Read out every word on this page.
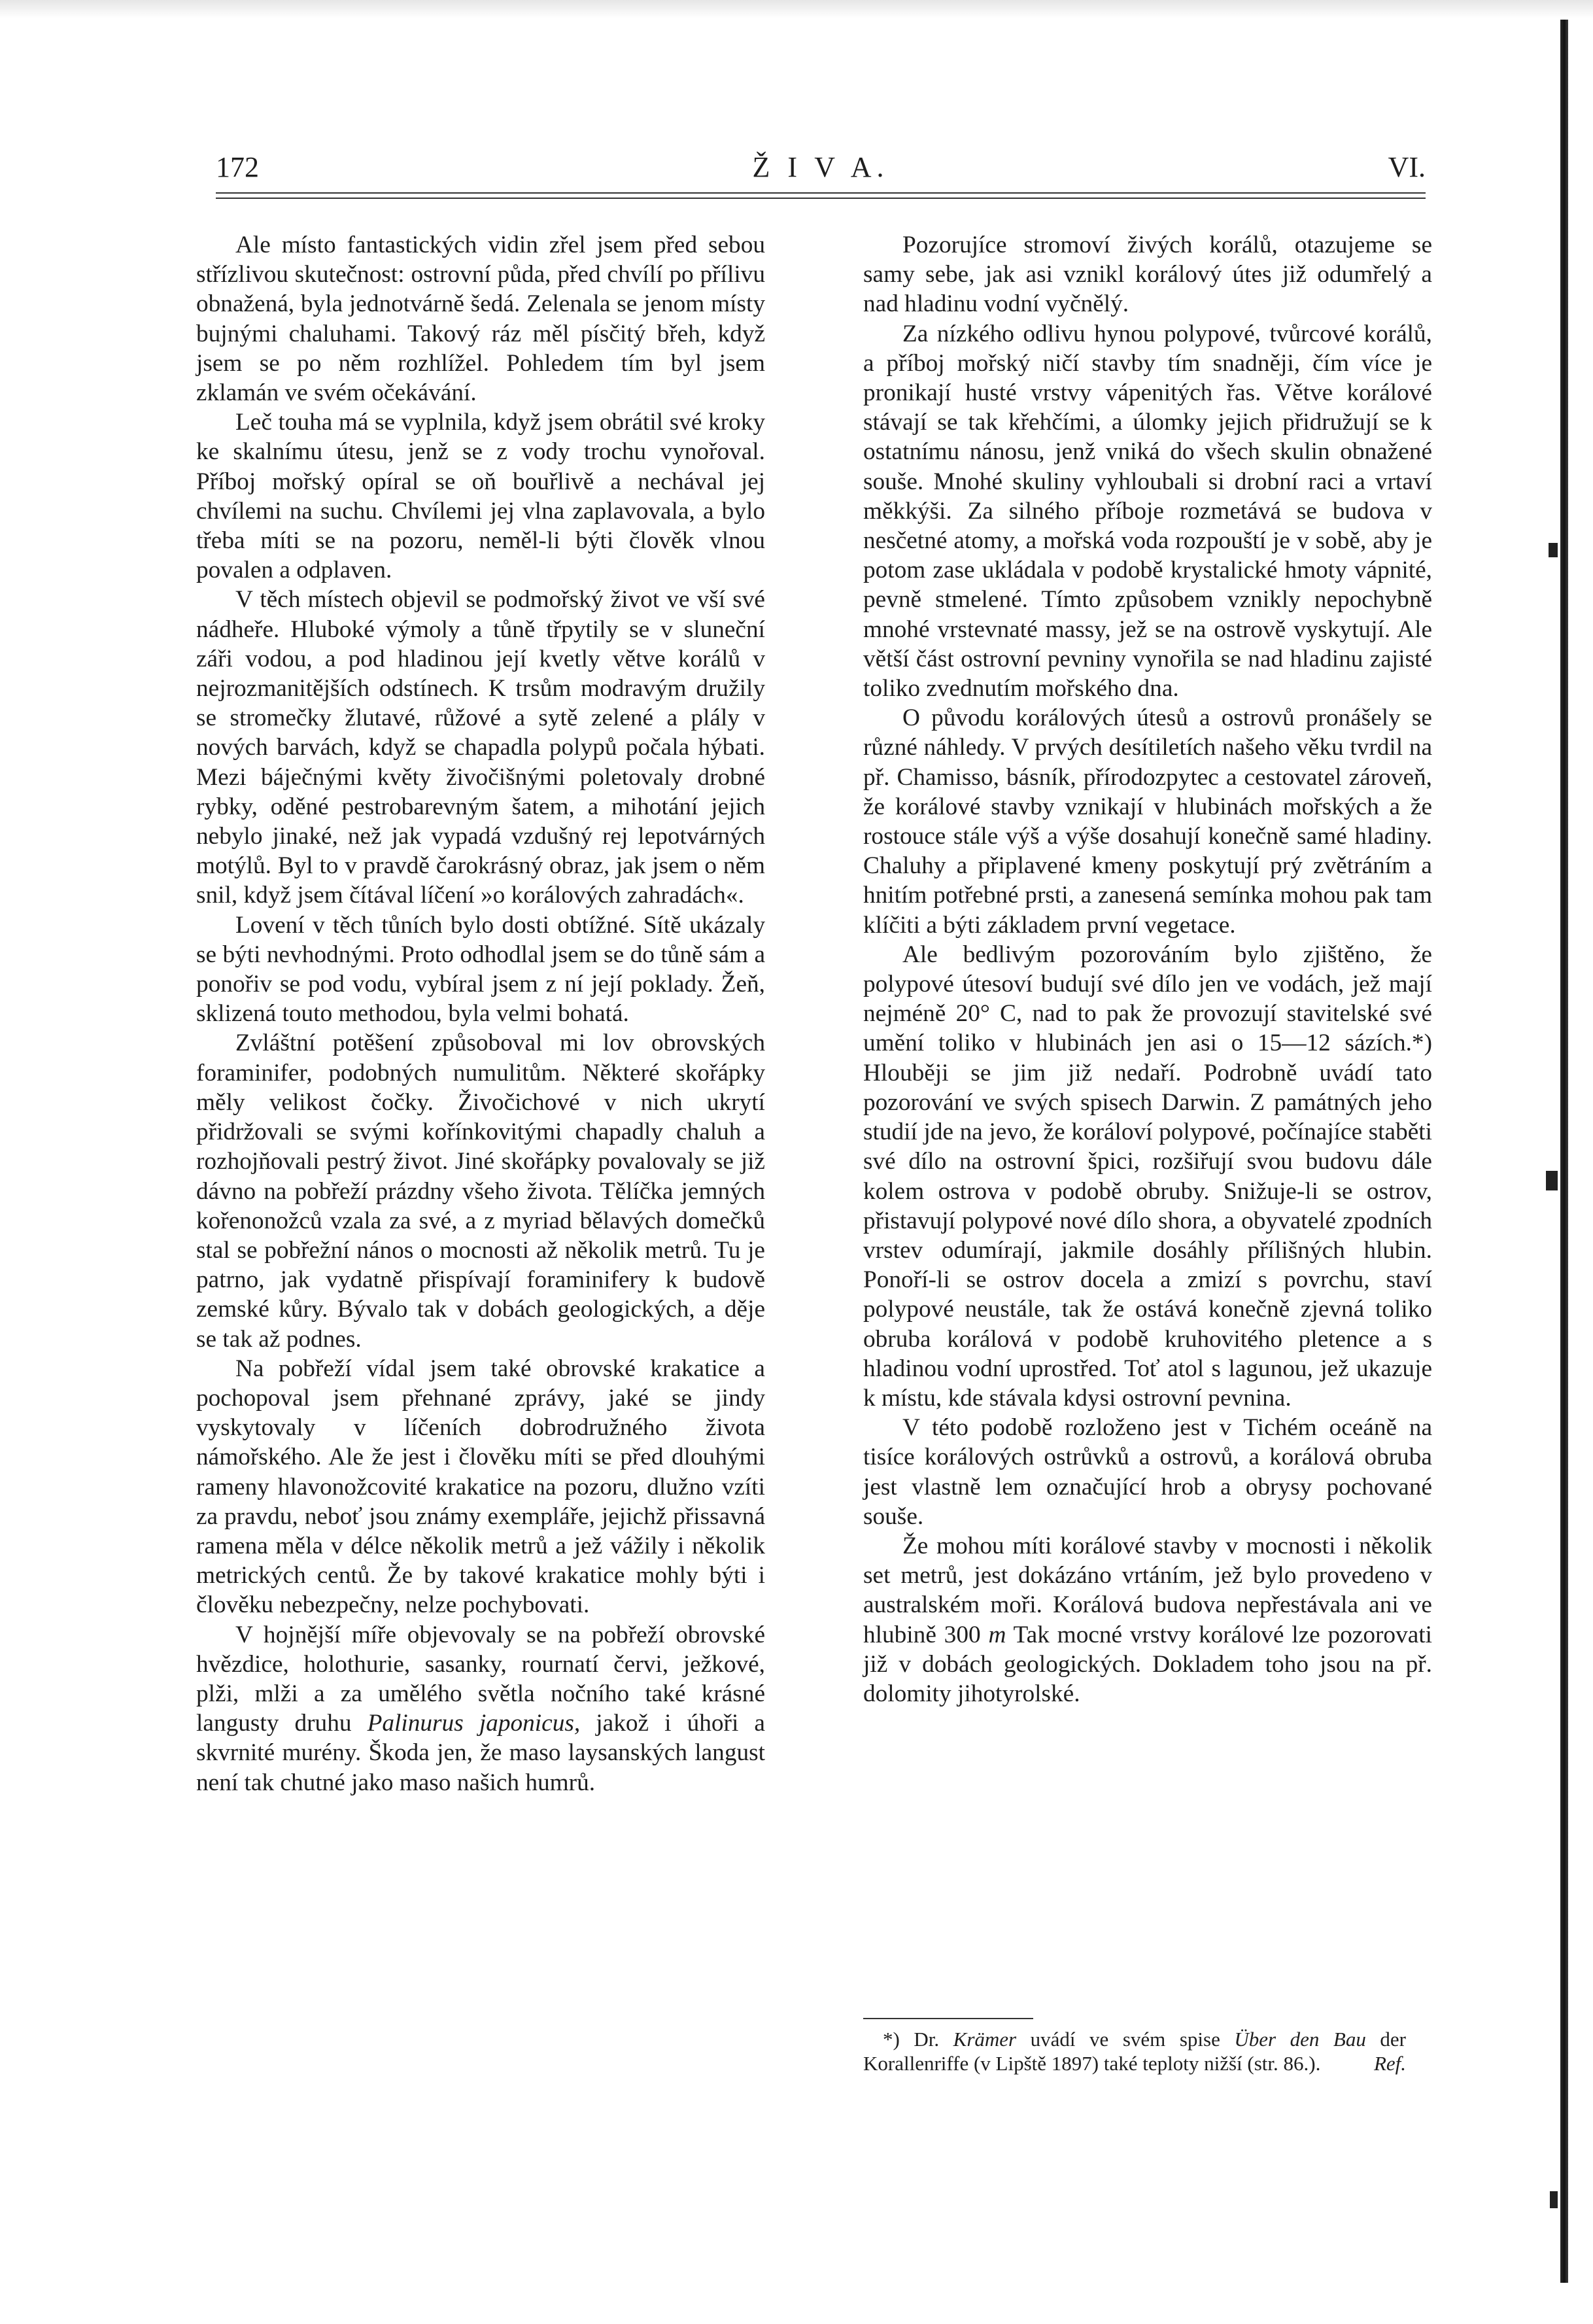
172	Ž I V A.	VI.

Ale místo fantastických vidin zřel jsem před sebou střízlivou skutečnost: ostrovní půda, před chvílí po přílivu obnažená, byla jednotvárně šedá. Zelenala se jenom místy bujnými chaluhami. Takový ráz měl písčitý břeh, když jsem se po něm rozhlížel. Pohledem tím byl jsem zklamán ve svém očekávání.

Leč touha má se vyplnila, když jsem obrátil své kroky ke skalnímu útesu, jenž se z vody trochu vynořoval. Příboj mořský opíral se oň bouřlivě a nechával jej chvílemi na suchu. Chvílemi jej vlna zaplavovala, a bylo třeba míti se na pozoru, neměl-li býti člověk vlnou povalen a odplaven.

V těch místech objevil se podmořský život ve vší své nádheře. Hluboké výmoly a tůně třpytily se v sluneční záři vodou, a pod hladinou její kvetly větve korálů v nejrozmanitějších odstínech. K trsům modravým družily se stromečky žlutavé, růžové a sytě zelené a plály v nových barvách, když se chapadla polypů počala hýbati. Mezi báječnými květy živočišnými poletovaly drobné rybky, oděné pestrobarevným šatem, a mihotání jejich nebylo jinaké, než jak vypadá vzdušný rej lepotvárných motýlů. Byl to v pravdě čarokrásný obraz, jak jsem o něm snil, když jsem čítával líčení »o korálových zahradách«.

Lovení v těch tůních bylo dosti obtížné. Sítě ukázaly se býti nevhodnými. Proto odhodlal jsem se do tůně sám a ponořiv se pod vodu, vybíral jsem z ní její poklady. Žeň, sklizená touto methodou, byla velmi bohatá.

Zvláštní potěšení způsoboval mi lov obrovských foraminifer, podobných numulitům. Některé skořápky měly velikost čočky. Živočichové v nich ukrytí přidržovali se svými kořínkovitými chapadly chaluh a rozhojňovali pestrý život. Jiné skořápky povalovaly se již dávno na pobřeží prázdny všeho života. Tělíčka jemných kořenonožců vzala za své, a z myriad bělavých domečků stal se pobřežní nános o mocnosti až několik metrů. Tu je patrno, jak vydatně přispívají foraminifery k budově zemské kůry. Bývalo tak v dobách geologických, a děje se tak až podnes.

Na pobřeží vídal jsem také obrovské krakatice a pochopoval jsem přehnané zprávy, jaké se jindy vyskytovaly v líčeních dobrodružného života námořského. Ale že jest i člověku míti se před dlouhými rameny hlavonožcovité krakatice na pozoru, dlužno vzíti za pravdu, neboť jsou známy exempláře, jejichž přissavná ramena měla v délce několik metrů a jež vážily i několik metrických centů. Že by takové krakatice mohly býti i člověku nebezpečny, nelze pochybovati.

V hojnější míře objevovaly se na pobřeží obrovské hvězdice, holothurie, sasanky, rournatí červi, ježkové, plži, mlži a za umělého světla nočního také krásné langusty druhu Palinurus japonicus, jakož i úhoři a skvrnité murény. Škoda jen, že maso laysanských langust není tak chutné jako maso našich humrů.

Pozorujíce stromoví živých korálů, otazujeme se samy sebe, jak asi vznikl korálový útes již odumřelý a nad hladinu vodní vyčnělý.

Za nízkého odlivu hynou polypové, tvůrcové korálů, a příboj mořský ničí stavby tím snadněji, čím více je pronikají husté vrstvy vápenitých řas. Větve korálové stávají se tak křehčími, a úlomky jejich přidružují se k ostatnímu nánosu, jenž vniká do všech skulin obnažené souše. Mnohé skuliny vyhloubali si drobní raci a vrtaví měkkýši. Za silného příboje rozmetává se budova v nesčetné atomy, a mořská voda rozpouští je v sobě, aby je potom zase ukládala v podobě krystalické hmoty vápnité, pevně stmelené. Tímto způsobem vznikly nepochybně mnohé vrstevnaté massy, jež se na ostrově vyskytují. Ale větší část ostrovní pevniny vynořila se nad hladinu zajisté toliko zvednutím mořského dna.

O původu korálových útesů a ostrovů pronášely se různé náhledy. V prvých desítiletích našeho věku tvrdil na př. Chamisso, básník, přírodozpytec a cestovatel zároveň, že korálové stavby vznikají v hlubinách mořských a že rostouce stále výš a výše dosahují konečně samé hladiny. Chaluhy a připlavené kmeny poskytují prý zvětráním a hnitím potřebné prsti, a zanesená semínka mohou pak tam klíčiti a býti základem první vegetace.

Ale bedlivým pozorováním bylo zjištěno, že polypové útesoví budují své dílo jen ve vodách, jež mají nejméně 20° C, nad to pak že provozují stavitelské své umění toliko v hlubinách jen asi o 15—12 sázích.*) Hlouběji se jim již nedaří. Podrobně uvádí tato pozorování ve svých spisech Darwin. Z památných jeho studií jde na jevo, že koráloví polypové, počínajíce staběti své dílo na ostrovní špici, rozšiřují svou budovu dále kolem ostrova v podobě obruby. Snižuje-li se ostrov, přistavují polypové nové dílo shora, a obyvatelé zpodních vrstev odumírají, jakmile dosáhly přílišných hlubin. Ponoří-li se ostrov docela a zmizí s povrchu, staví polypové neustále, tak že ostává konečně zjevná toliko obruba korálová v podobě kruhovitého pletence a s hladinou vodní uprostřed. Toť atol s lagunou, jež ukazuje k místu, kde stávala kdysi ostrovní pevnina.

V této podobě rozloženo jest v Tichém oceáně na tisíce korálových ostrůvků a ostrovů, a korálová obruba jest vlastně lem označující hrob a obrysy pochované souše.

Že mohou míti korálové stavby v mocnosti i několik set metrů, jest dokázáno vrtáním, jež bylo provedeno v australském moři. Korálová budova nepřestávala ani ve hlubině 300 m Tak mocné vrstvy korálové lze pozorovati již v dobách geologických. Dokladem toho jsou na př. dolomity jihotyrolské.

*) Dr. Krämer uvádí ve svém spise Über den Bau der Korallenriffe (v Lipště 1897) také teploty nižší (str. 86.).	Ref.
